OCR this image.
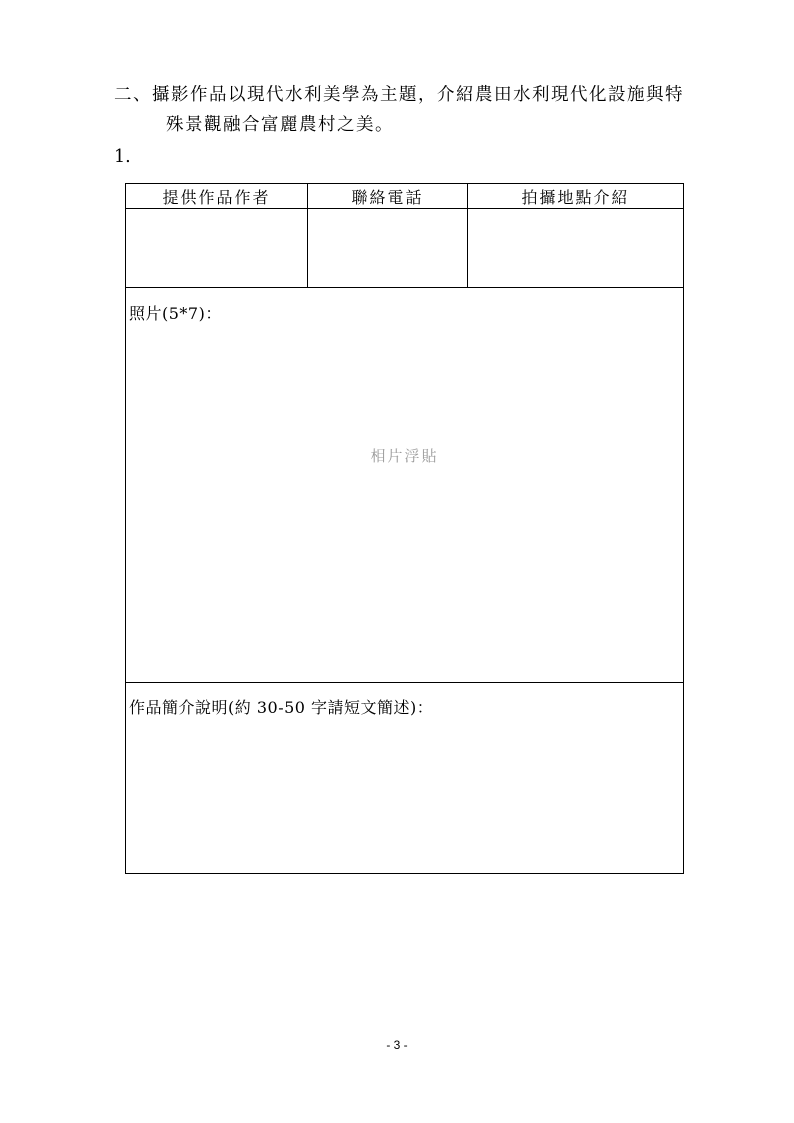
二、攝影作品以現代水利美學為主題，介紹農田水利現代化設施與特
殊景觀融合富麗農村之美。
1.
提供作品作者	聯絡電話	拍攝地點介紹

照片(5*7)：
相片浮貼		

作品簡介說明(約 30-50 字請短文簡述)：		
- 3 -
